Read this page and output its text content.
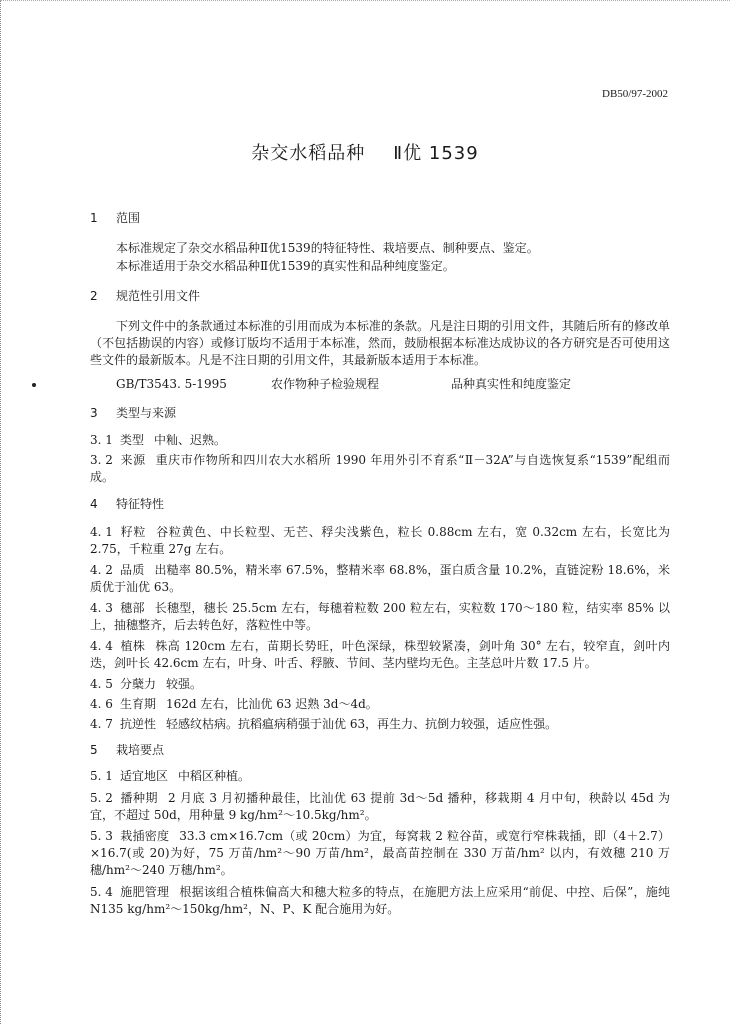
DB50/97-2002
杂交水稻品种 Ⅱ优 1539
1 范围
本标准规定了杂交水稻品种Ⅱ优1539的特征特性、栽培要点、制种要点、鉴定。
本标准适用于杂交水稻品种Ⅱ优1539的真实性和品种纯度鉴定。
2 规范性引用文件
下列文件中的条款通过本标准的引用而成为本标准的条款。凡是注日期的引用文件，其随后所有的修改单（不包括勘误的内容）或修订版均不适用于本标准，然而，鼓励根据本标准达成协议的各方研究是否可使用这些文件的最新版本。凡是不注日期的引用文件，其最新版本适用于本标准。
GB/T3543. 5-1995	农作物种子检验规程	品种真实性和纯度鉴定
3 类型与来源
3. 1 类型 中籼、迟熟。
3. 2 来源 重庆市作物所和四川农大水稻所 1990 年用外引不育系“Ⅱ－32A”与自选恢复系“1539”配组而成。
4 特征特性
4. 1 籽粒 谷粒黄色、中长粒型、无芒、稃尖浅紫色，粒长 0.88cm 左右，宽 0.32cm 左右，长宽比为 2.75，千粒重 27g 左右。
4. 2 品质 出糙率 80.5%，精米率 67.5%，整精米率 68.8%，蛋白质含量 10.2%，直链淀粉 18.6%，米质优于汕优 63。
4. 3 穗部 长穗型，穗长 25.5cm 左右，每穗着粒数 200 粒左右，实粒数 170～180 粒，结实率 85% 以上，抽穗整齐，后去转色好，落粒性中等。
4. 4 植株 株高 120cm 左右，苗期长势旺，叶色深绿，株型较紧凑，剑叶角 30° 左右，较窄直，剑叶内迭，剑叶长 42.6cm 左右，叶身、叶舌、稃腋、节间、茎内壁均无色。主茎总叶片数 17.5 片。
4. 5 分蘖力 较强。
4. 6 生育期 162d 左右，比汕优 63 迟熟 3d～4d。
4. 7 抗逆性 轻感纹枯病。抗稻瘟病稍强于汕优 63，再生力、抗倒力较强，适应性强。
5 栽培要点
5. 1 适宜地区 中稻区种植。
5. 2 播种期 2 月底 3 月初播种最佳，比汕优 63 提前 3d～5d 播种，移栽期 4 月中旬，秧龄以 45d 为宜，不超过 50d，用种量 9 kg/hm²～10.5kg/hm²。
5. 3 栽插密度 33.3 cm×16.7cm（或 20cm）为宜，每窝栽 2 粒谷苗，或宽行窄株栽插，即（4＋2.7）×16.7(或 20)为好，75 万苗/hm²～90 万苗/hm²，最高苗控制在 330 万苗/hm² 以内，有效穗 210 万穗/hm²～240 万穗/hm²。
5. 4 施肥管理 根据该组合植株偏高大和穗大粒多的特点，在施肥方法上应采用“前促、中控、后保”，施纯 N135 kg/hm²～150kg/hm²，N、P、K 配合施用为好。
